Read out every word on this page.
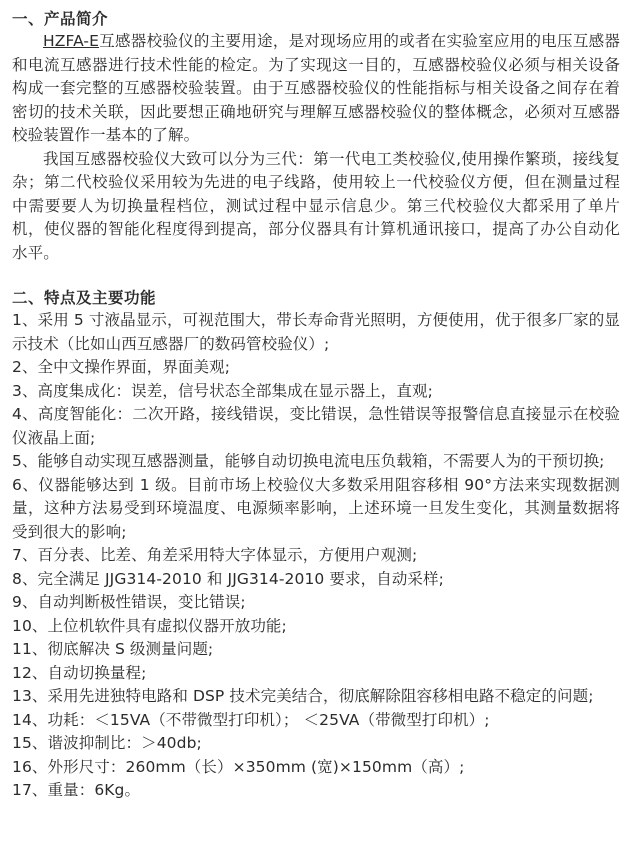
一、产品简介

HZFA-E互感器校验仪的主要用途，是对现场应用的或者在实验室应用的电压互感器和电流互感器进行技术性能的检定。为了实现这一目的，互感器校验仪必须与相关设备构成一套完整的互感器校验装置。由于互感器校验仪的性能指标与相关设备之间存在着密切的技术关联，因此要想正确地研究与理解互感器校验仪的整体概念，必须对互感器校验装置作一基本的了解。

我国互感器校验仪大致可以分为三代：第一代电工类校验仪,使用操作繁琐，接线复杂；第二代校验仪采用较为先进的电子线路，使用较上一代校验仪方便，但在测量过程中需要要人为切换量程档位，测试过程中显示信息少。第三代校验仪大都采用了单片机，使仪器的智能化程度得到提高，部分仪器具有计算机通讯接口，提高了办公自动化水平。

二、特点及主要功能
1、采用 5 寸液晶显示，可视范围大，带长寿命背光照明，方便使用，优于很多厂家的显示技术（比如山西互感器厂的数码管校验仪）;
2、全中文操作界面，界面美观;
3、高度集成化：误差，信号状态全部集成在显示器上，直观;
4、高度智能化：二次开路，接线错误，变比错误，急性错误等报警信息直接显示在校验仪液晶上面;
5、能够自动实现互感器测量，能够自动切换电流电压负载箱，不需要人为的干预切换;
6、仪器能够达到 1 级。目前市场上校验仪大多数采用阻容移相 90°方法来实现数据测量，这种方法易受到环境温度、电源频率影响，上述环境一旦发生变化，其测量数据将受到很大的影响;
7、百分表、比差、角差采用特大字体显示，方便用户观测;
8、完全满足 JJG314-2010 和 JJG314-2010 要求，自动采样;
9、自动判断极性错误，变比错误;
10、上位机软件具有虚拟仪器开放功能;
11、彻底解决 S 级测量问题;
12、自动切换量程;
13、采用先进独特电路和 DSP 技术完美结合，彻底解除阻容移相电路不稳定的问题;
14、功耗：＜15VA（不带微型打印机）； ＜25VA（带微型打印机）;
15、谐波抑制比：＞40db;
16、外形尺寸：260mm（长）×350mm (宽)×150mm（高）;
17、重量：6Kg。
